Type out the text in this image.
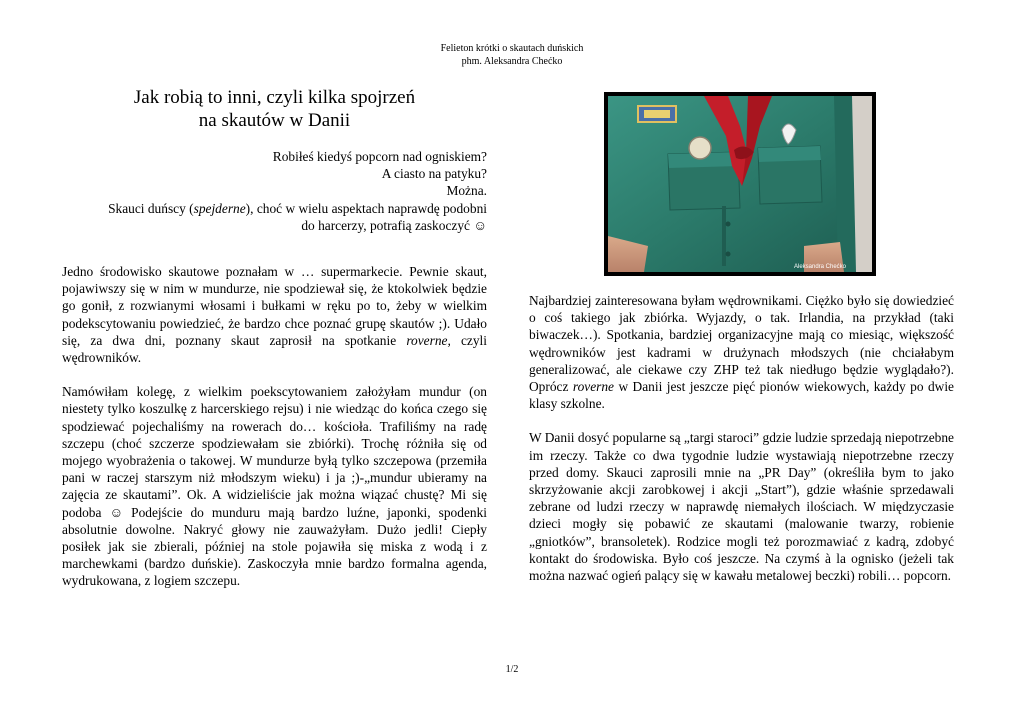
Felieton krótki o skautach duńskich
phm. Aleksandra Chećko
Jak robią to inni, czyli kilka spojrzeń
na skautów w Danii
Robiłeś kiedyś popcorn nad ogniskiem?
A ciasto na patyku?
Można.
Skauci duńscy (spejderne), choć w wielu aspektach naprawdę podobni
do harcerzy, potrafią zaskoczyć ☺

Jedno środowisko skautowe poznałam w … supermarkecie. Pewnie skaut, pojawiwszy się w nim w mundurze, nie spodziewał się, że ktokolwiek będzie go gonił, z rozwianymi włosami i bułkami w ręku po to, żeby w wielkim podekscytowaniu powiedzieć, że bardzo chce poznać grupę skautów ;). Udało się, za dwa dni, poznany skaut zaprosił na spotkanie roverne, czyli wędrowników.

Namówiłam kolegę, z wielkim poekscytowaniem założyłam mundur (on niestety tylko koszulkę z harcerskiego rejsu) i nie wiedząc do końca czego się spodziewać pojechaliśmy na rowerach do… kościoła. Trafiliśmy na radę szczepu (choć szczerze spodziewałam sie zbiórki). Trochę różniła się od mojego wyobrażenia o takowej. W mundurze byłą tylko szczepowa (przemiła pani w raczej starszym niż młodszym wieku) i ja ;)-„mundur ubieramy na zajęcia ze skautami”. Ok. A widzieliście jak można wiązać chustę? Mi się podoba ☺ Podejście do munduru mają bardzo luźne, japonki, spodenki absolutnie dowolne. Nakryć głowy nie zauważyłam. Dużo jedli! Ciepły posiłek jak sie zbierali, później na stole pojawiła się miska z wodą i z marchewkami (bardzo duńskie). Zaskoczyła mnie bardzo formalna agenda, wydrukowana, z logiem szczepu.

Aleksandra Chećko

Najbardziej zainteresowana byłam wędrownikami. Ciężko było się dowiedzieć o coś takiego jak zbiórka. Wyjazdy, o tak. Irlandia, na przykład (taki biwaczek…). Spotkania, bardziej organizacyjne mają co miesiąc, większość wędrowników jest kadrami w drużynach młodszych (nie chciałabym generalizować, ale ciekawe czy ZHP też tak niedługo będzie wyglądało?). Oprócz roverne w Danii jest jeszcze pięć pionów wiekowych, każdy po dwie klasy szkolne.

W Danii dosyć popularne są „targi staroci” gdzie ludzie sprzedają niepotrzebne im rzeczy. Także co dwa tygodnie ludzie wystawiają niepotrzebne rzeczy przed domy. Skauci zaprosili mnie na „PR Day” (określiła bym to jako skrzyżowanie akcji zarobkowej i akcji „Start”), gdzie właśnie sprzedawali zebrane od ludzi rzeczy w naprawdę niemałych ilościach. W międzyczasie dzieci mogły się pobawić ze skautami (malowanie twarzy, robienie „gniotków”, bransoletek). Rodzice mogli też porozmawiać z kadrą, zdobyć kontakt do środowiska. Było coś jeszcze. Na czymś à la ognisko (jeżeli tak można nazwać ogień palący się w kawału metalowej beczki) robili… popcorn.

1/2
